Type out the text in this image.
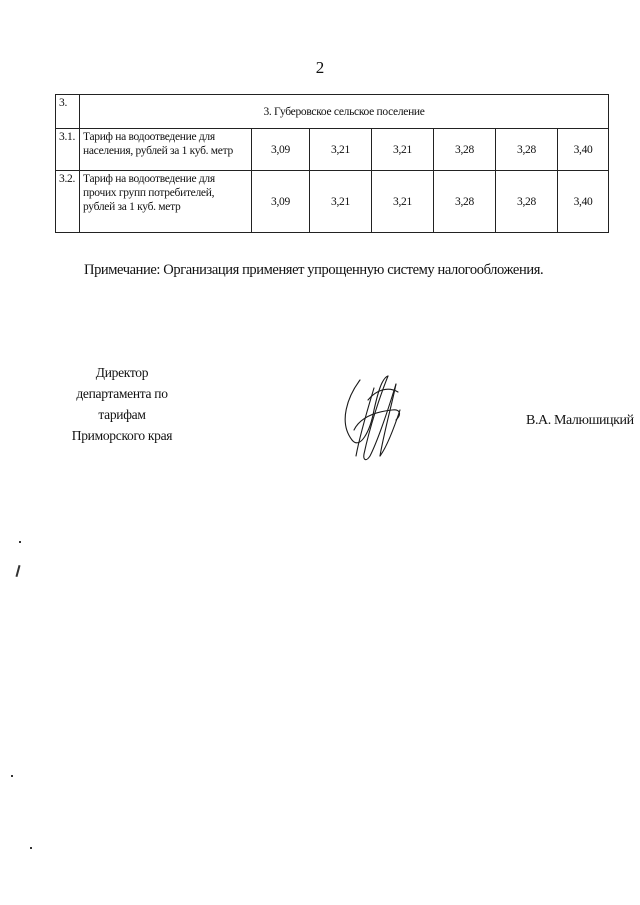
2
3.	3. Губеровское сельское поселение						
3.1.	Тариф на водоотведение для населения, рублей за 1 куб. метр	3,09	3,21	3,21	3,28	3,28	3,40
3.2.	Тариф на водоотведение для прочих групп потребителей, рублей за 1 куб. метр	3,09	3,21	3,21	3,28	3,28	3,40
Примечание: Организация применяет упрощенную систему налогообложения.
Директор
департамента по тарифам
Приморского края
В.А. Малюшицкий
